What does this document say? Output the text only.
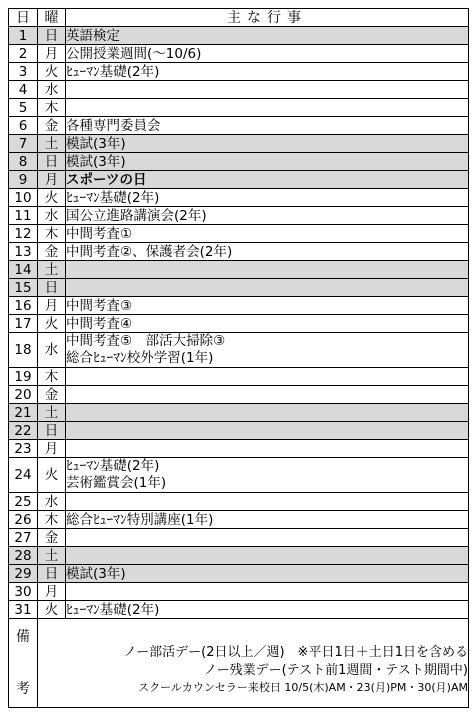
日	曜	主な行事
1	日	英語検定
2	月	公開授業週間(～10/6)
3	火	ﾋｭｰﾏﾝ基礎(2年)
4	水	
5	木	
6	金	各種専門委員会
7	土	模試(3年)
8	日	模試(3年)
9	月	スポーツの日
10	火	ﾋｭｰﾏﾝ基礎(2年)
11	水	国公立進路講演会(2年)
12	木	中間考査①
13	金	中間考査②、保護者会(2年)
14	土	
15	日	
16	月	中間考査③
17	火	中間考査④
18	水	中間考査⑤　部活大掃除③
総合ﾋｭｰﾏﾝ校外学習(1年)
19	木	
20	金	
21	土	
22	日	
23	月	
24	火	ﾋｭｰﾏﾝ基礎(2年)
芸術鑑賞会(1年)
25	水	
26	木	総合ﾋｭｰﾏﾝ特別講座(1年)
27	金	
28	土	
29	日	模試(3年)
30	月	
31	火	ﾋｭｰﾏﾝ基礎(2年)

備
考	ノー部活デー(2日以上／週)　※平日1日＋土日1日を含める
ノー残業デー(テスト前1週間・テスト期間中)
スクールカウンセラー来校日 10/5(木)AM・23(月)PM・30(月)AM	
